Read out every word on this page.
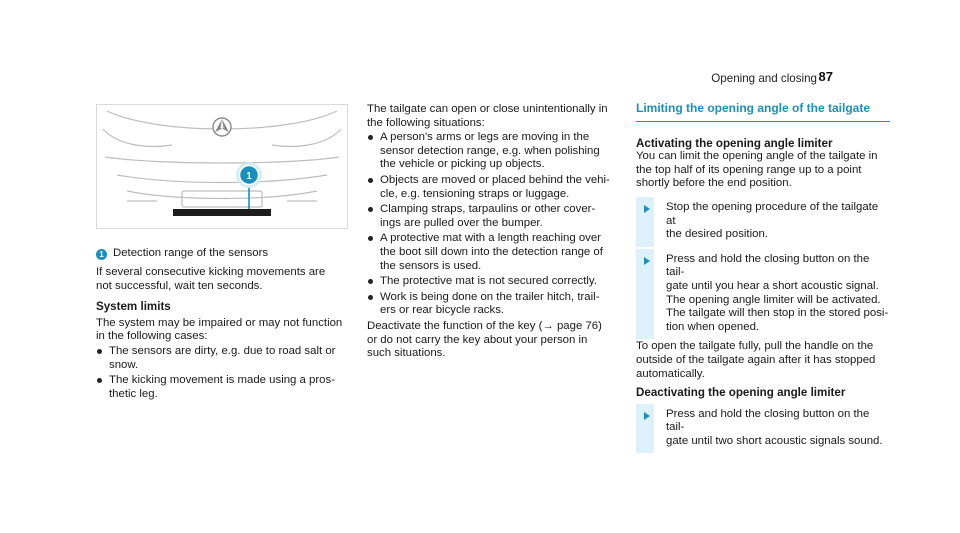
Opening and closing 87
1

1 Detection range of the sensors

If several consecutive kicking movements are
not successful, wait ten seconds.

System limits

The system may be impaired or may not function
in the following cases:

The sensors are dirty, e.g. due to road salt or
snow.
The kicking movement is made using a pros-
thetic leg.

The tailgate can open or close unintentionally in
the following situations:

A person's arms or legs are moving in the
sensor detection range, e.g. when polishing
the vehicle or picking up objects.
Objects are moved or placed behind the vehi-
cle, e.g. tensioning straps or luggage.
Clamping straps, tarpaulins or other cover-
ings are pulled over the bumper.
A protective mat with a length reaching over
the boot sill down into the detection range of
the sensors is used.
The protective mat is not secured correctly.
Work is being done on the trailer hitch, trail-
ers or rear bicycle racks.

Deactivate the function of the key (→ page 76)
or do not carry the key about your person in
such situations.

Limiting the opening angle of the tailgate

Activating the opening angle limiter

You can limit the opening angle of the tailgate in
the top half of its opening range up to a point
shortly before the end position.

Stop the opening procedure of the tailgate at
the desired position.
Press and hold the closing button on the tail-
gate until you hear a short acoustic signal.
The opening angle limiter will be activated.
The tailgate will then stop in the stored posi-
tion when opened.

To open the tailgate fully, pull the handle on the
outside of the tailgate again after it has stopped
automatically.

Deactivating the opening angle limiter

Press and hold the closing button on the tail-
gate until two short acoustic signals sound.
